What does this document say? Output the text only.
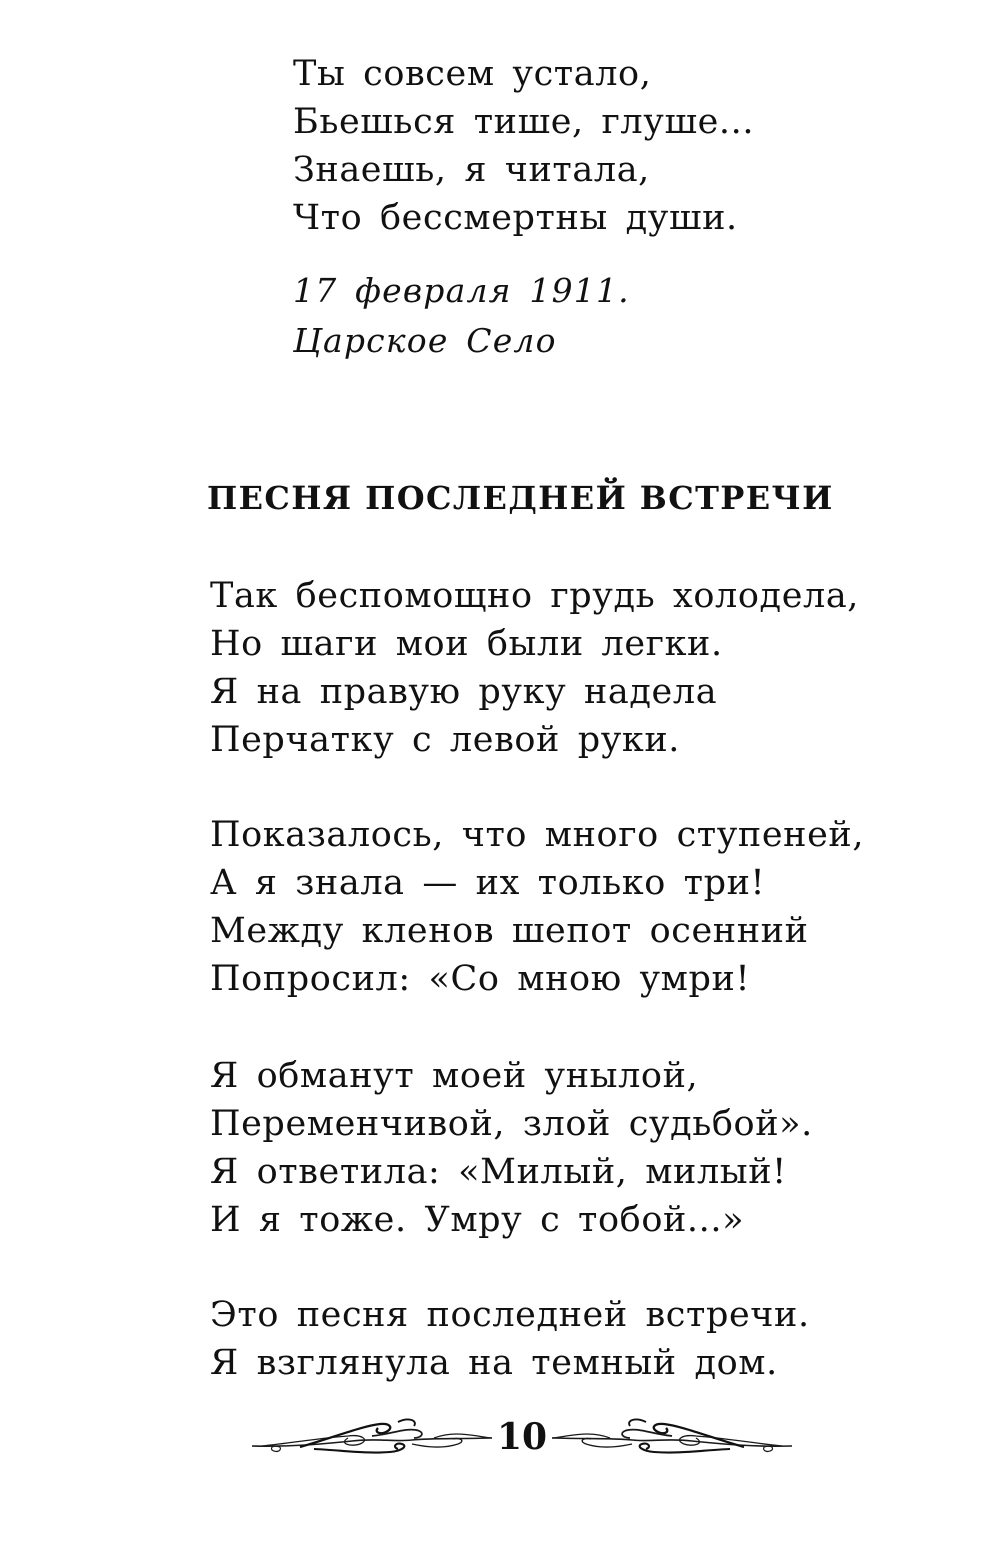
Ты совсем устало,
Бьешься тише, глуше...
Знаешь, я читала,
Что бессмертны души.
17 февраля 1911.
Царское Село
ПЕСНЯ ПОСЛЕДНЕЙ ВСТРЕЧИ
Так беспомощно грудь холодела,
Но шаги мои были легки.
Я на правую руку надела
Перчатку с левой руки.
Показалось, что много ступеней,
А я знала — их только три!
Между кленов шепот осенний
Попросил: «Со мною умри!
Я обманут моей унылой,
Переменчивой, злой судьбой».
Я ответила: «Милый, милый!
И я тоже. Умру с тобой...»
Это песня последней встречи.
Я взглянула на темный дом.
10
